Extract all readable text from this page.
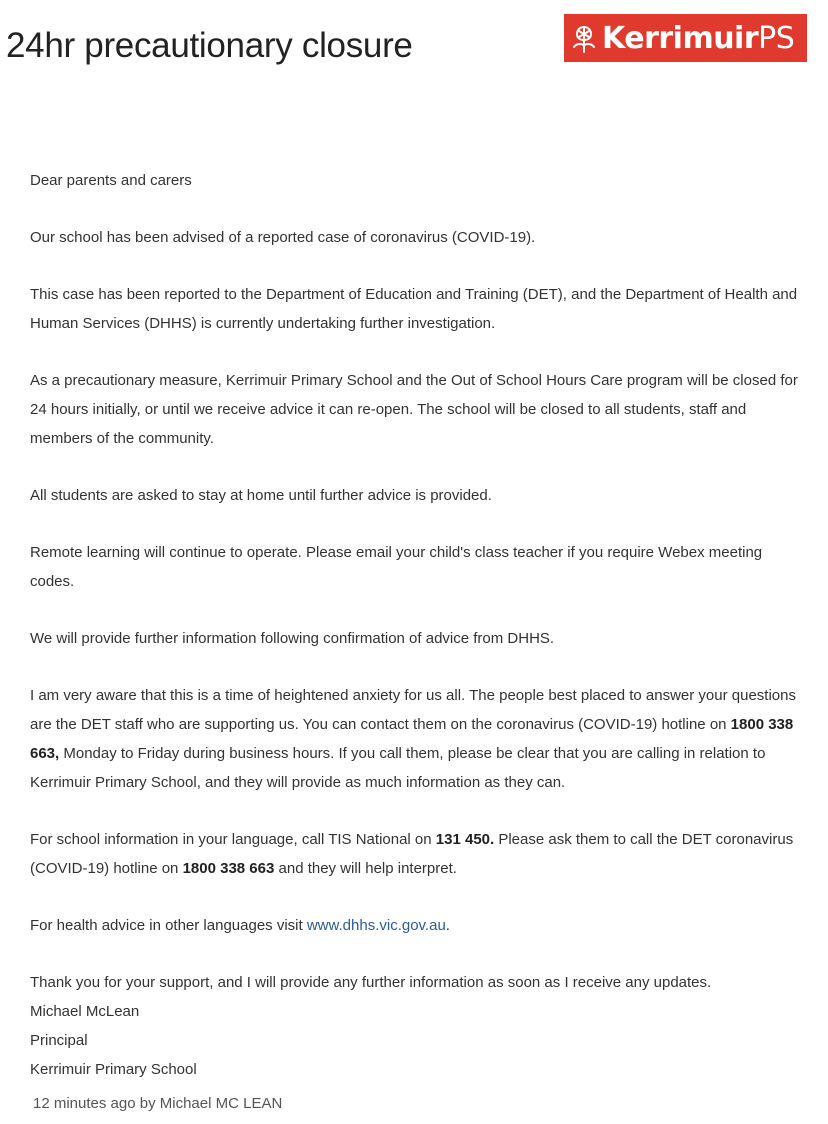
24hr precautionary closure	Kerrimuir PS

Dear parents and carers

Our school has been advised of a reported case of coronavirus (COVID-19).

This case has been reported to the Department of Education and Training (DET), and the Department of Health and Human Services (DHHS) is currently undertaking further investigation.

As a precautionary measure, Kerrimuir Primary School and the Out of School Hours Care program will be closed for 24 hours initially, or until we receive advice it can re-open. The school will be closed to all students, staff and members of the community.

All students are asked to stay at home until further advice is provided.

Remote learning will continue to operate. Please email your child's class teacher if you require Webex meeting codes.

We will provide further information following confirmation of advice from DHHS.

I am very aware that this is a time of heightened anxiety for us all. The people best placed to answer your questions are the DET staff who are supporting us. You can contact them on the coronavirus (COVID-19) hotline on 1800 338 663, Monday to Friday during business hours. If you call them, please be clear that you are calling in relation to Kerrimuir Primary School, and they will provide as much information as they can.

For school information in your language, call TIS National on 131 450. Please ask them to call the DET coronavirus (COVID-19) hotline on 1800 338 663 and they will help interpret.

For health advice in other languages visit www.dhhs.vic.gov.au.

Thank you for your support, and I will provide any further information as soon as I receive any updates.

Michael McLean

Principal

Kerrimuir Primary School

12 minutes ago by Michael MC LEAN
